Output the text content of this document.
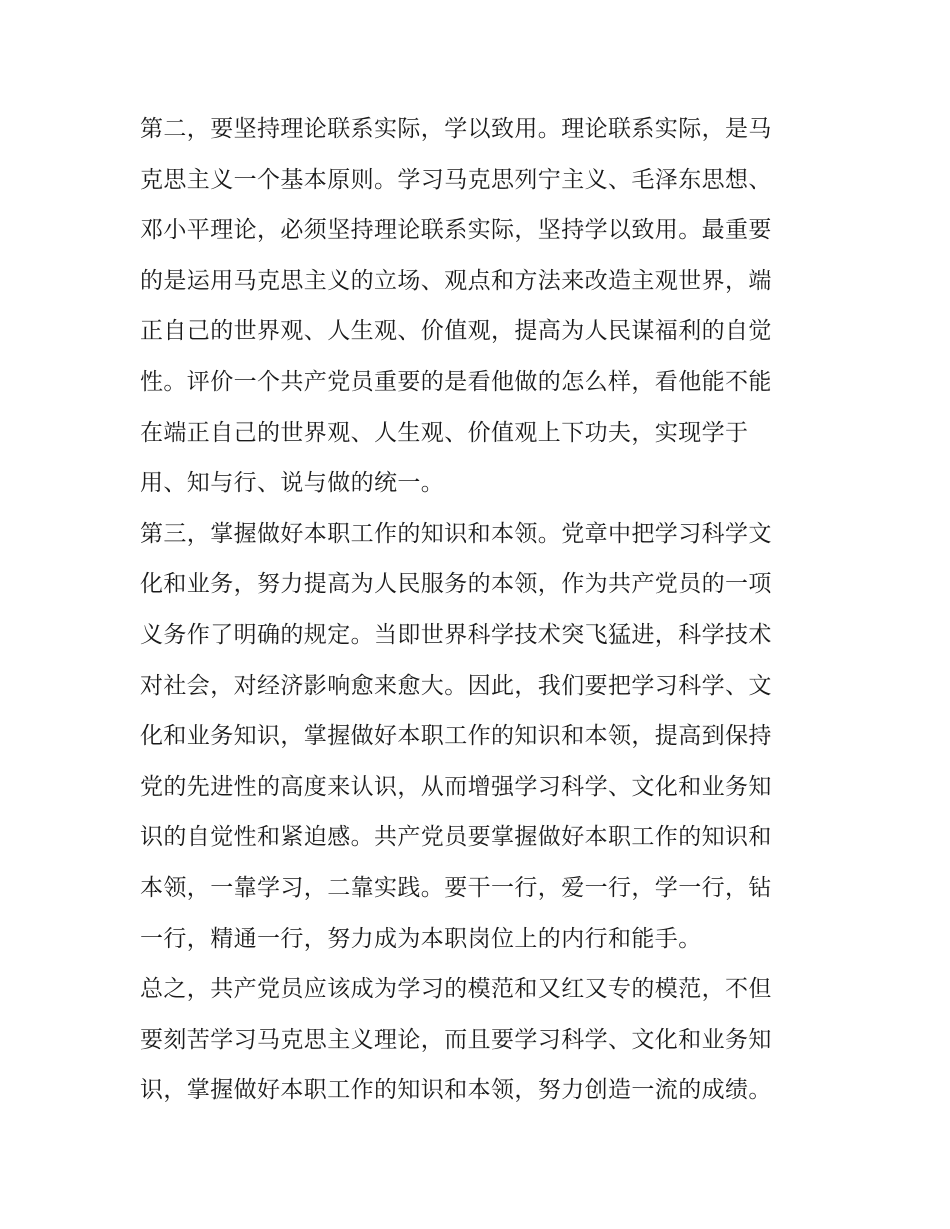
第二，要坚持理论联系实际，学以致用。理论联系实际，是马
克思主义一个基本原则。学习马克思列宁主义、毛泽东思想、
邓小平理论，必须坚持理论联系实际，坚持学以致用。最重要
的是运用马克思主义的立场、观点和方法来改造主观世界，端
正自己的世界观、人生观、价值观，提高为人民谋福利的自觉
性。评价一个共产党员重要的是看他做的怎么样，看他能不能
在端正自己的世界观、人生观、价值观上下功夫，实现学于
用、知与行、说与做的统一。
第三，掌握做好本职工作的知识和本领。党章中把学习科学文
化和业务，努力提高为人民服务的本领，作为共产党员的一项
义务作了明确的规定。当即世界科学技术突飞猛进，科学技术
对社会，对经济影响愈来愈大。因此，我们要把学习科学、文
化和业务知识，掌握做好本职工作的知识和本领，提高到保持
党的先进性的高度来认识，从而增强学习科学、文化和业务知
识的自觉性和紧迫感。共产党员要掌握做好本职工作的知识和
本领，一靠学习，二靠实践。要干一行，爱一行，学一行，钻
一行，精通一行，努力成为本职岗位上的内行和能手。
总之，共产党员应该成为学习的模范和又红又专的模范，不但
要刻苦学习马克思主义理论，而且要学习科学、文化和业务知
识，掌握做好本职工作的知识和本领，努力创造一流的成绩。
